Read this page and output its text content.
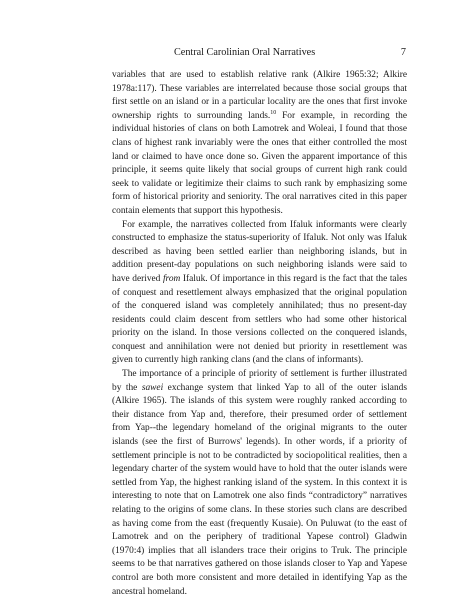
Central Carolinian Oral Narratives	7

variables that are used to establish relative rank (Alkire 1965:32; Alkire 1978a:117). These variables are interrelated because those social groups that first settle on an island or in a particular locality are the ones that first invoke ownership rights to surrounding lands.$^{10}$ For example, in recording the individual histories of clans on both Lamotrek and Woleai, I found that those clans of highest rank invariably were the ones that either controlled the most land or claimed to have once done so. Given the apparent importance of this principle, it seems quite likely that social groups of current high rank could seek to validate or legitimize their claims to such rank by emphasizing some form of historical priority and seniority. The oral narratives cited in this paper contain elements that support this hypothesis.

For example, the narratives collected from Ifaluk informants were clearly constructed to emphasize the status-superiority of Ifaluk. Not only was Ifaluk described as having been settled earlier than neighboring islands, but in addition present-day populations on such neighboring islands were said to have derived from Ifaluk. Of importance in this regard is the fact that the tales of conquest and resettlement always emphasized that the original population of the conquered island was completely annihilated; thus no present-day residents could claim descent from settlers who had some other historical priority on the island. In those versions collected on the conquered islands, conquest and annihilation were not denied but priority in resettlement was given to currently high ranking clans (and the clans of informants).

The importance of a principle of priority of settlement is further illustrated by the sawei exchange system that linked Yap to all of the outer islands (Alkire 1965). The islands of this system were roughly ranked according to their distance from Yap and, therefore, their presumed order of settlement from Yap--the legendary homeland of the original migrants to the outer islands (see the first of Burrows' legends). In other words, if a priority of settlement principle is not to be contradicted by sociopolitical realities, then a legendary charter of the system would have to hold that the outer islands were settled from Yap, the highest ranking island of the system. In this context it is interesting to note that on Lamotrek one also finds “contradictory” narratives relating to the origins of some clans. In these stories such clans are described as having come from the east (frequently Kusaie). On Puluwat (to the east of Lamotrek and on the periphery of traditional Yapese control) Gladwin (1970:4) implies that all islanders trace their origins to Truk. The principle seems to be that narratives gathered on those islands closer to Yap and Yapese control are both more consistent and more detailed in identifying Yap as the ancestral homeland.
